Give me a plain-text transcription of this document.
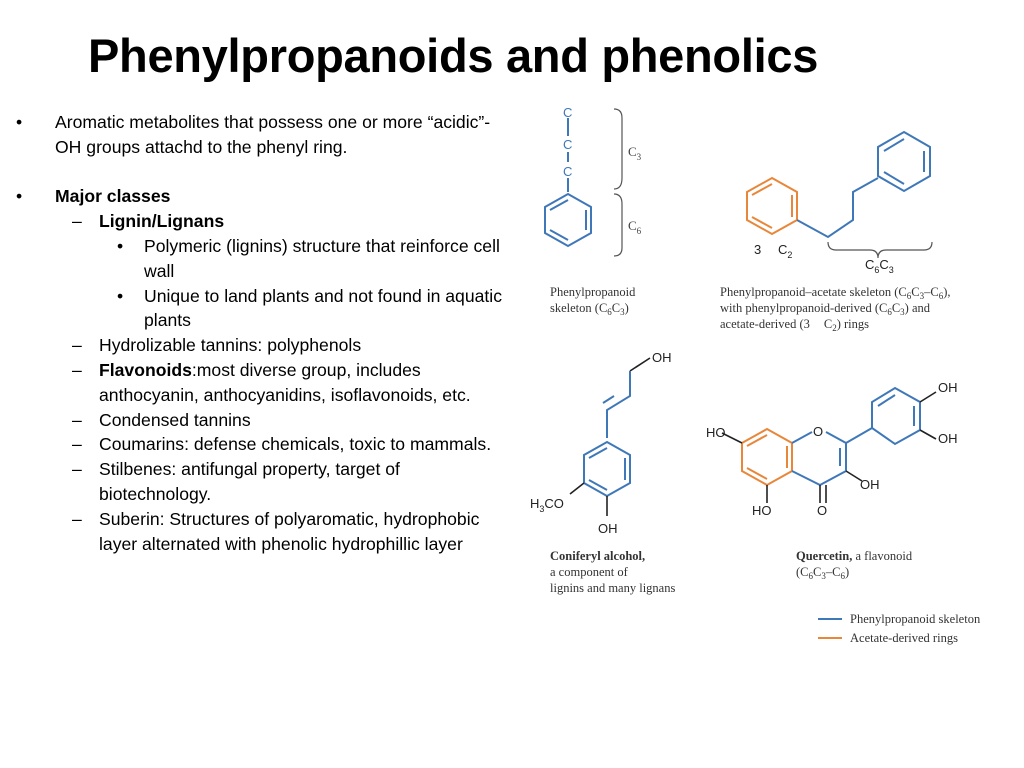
Phenylpropanoids and phenolics
• Aromatic metabolites that possess one or more “acidic”-OH groups attachd to the phenyl ring.
• Major classes
– Lignin/Lignans
• Polymeric (lignins) structure that reinforce cell wall
• Unique to land plants and not found in aquatic plants
– Hydrolizable tannins: polyphenols
– Flavonoids:most diverse group, includes anthocyanin, anthocyanidins, isoflavonoids, etc.
– Condensed tannins
– Coumarins: defense chemicals, toxic to mammals.
– Stilbenes: antifungal property, target of biotechnology.
– Suberin: Structures of polyaromatic, hydrophobic layer alternated with phenolic hydrophillic layer
C
C
C
$C_3$
$C_6$
Phenylpropanoid
skeleton $(C_6C_3)$
3 $C_2$
$C_6C_3$
Phenylpropanoid–acetate skeleton $(C_6C_3-C_6)$,
with phenylpropanoid-derived $(C_6C_3)$ and
acetate-derived (3 $C_2$) rings
OH
$H_3CO$
OH
Coniferyl alcohol,
a component of
lignins and many lignans
OH
OH
HO	O
OH
HO	O
Quercetin, a flavonoid
$(C_6C_3-C_6)$
Phenylpropanoid skeleton
Acetate-derived rings
